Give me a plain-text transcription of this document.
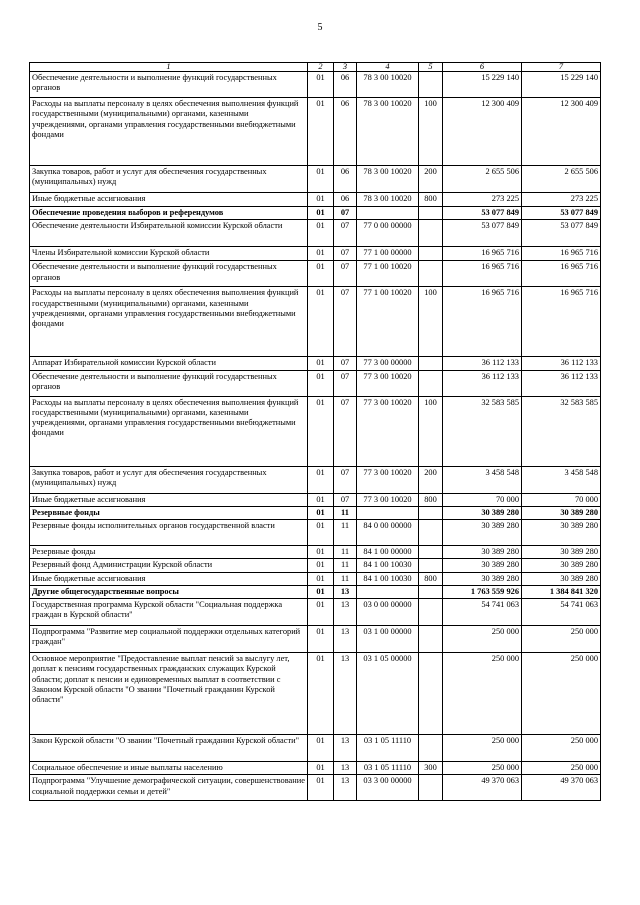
5
1	2	3	4	5	6	7
Обеспечение деятельности и выполнение функций государственных органов	01	06	78 3 00 10020		15 229 140	15 229 140
Расходы на выплаты персоналу в целях обеспечения выполнения функций государственными (муниципальными) органами, казенными учреждениями, органами управления государственными внебюджетными фондами	01	06	78 3 00 10020	100	12 300 409	12 300 409
Закупка товаров, работ и услуг для обеспечения государственных (муниципальных) нужд	01	06	78 3 00 10020	200	2 655 506	2 655 506
Иные бюджетные ассигнования	01	06	78 3 00 10020	800	273 225	273 225
Обеспечение проведения выборов и референдумов	01	07			53 077 849	53 077 849
Обеспечение деятельности Избирательной комиссии Курской области	01	07	77 0 00 00000		53 077 849	53 077 849
Члены Избирательной комиссии Курской области	01	07	77 1 00 00000		16 965 716	16 965 716
Обеспечение деятельности и выполнение функций государственных органов	01	07	77 1 00 10020		16 965 716	16 965 716
Расходы на выплаты персоналу в целях обеспечения выполнения функций государственными (муниципальными) органами, казенными учреждениями, органами управления государственными внебюджетными фондами	01	07	77 1 00 10020	100	16 965 716	16 965 716
Аппарат Избирательной комиссии Курской области	01	07	77 3 00 00000		36 112 133	36 112 133
Обеспечение деятельности и выполнение функций государственных органов	01	07	77 3 00 10020		36 112 133	36 112 133
Расходы на выплаты персоналу в целях обеспечения выполнения функций государственными (муниципальными) органами, казенными учреждениями, органами управления государственными внебюджетными фондами	01	07	77 3 00 10020	100	32 583 585	32 583 585
Закупка товаров, работ и услуг для обеспечения государственных (муниципальных) нужд	01	07	77 3 00 10020	200	3 458 548	3 458 548
Иные бюджетные ассигнования	01	07	77 3 00 10020	800	70 000	70 000
Резервные фонды	01	11			30 389 280	30 389 280
Резервные фонды исполнительных органов государственной власти	01	11	84 0 00 00000		30 389 280	30 389 280
Резервные фонды	01	11	84 1 00 00000		30 389 280	30 389 280
Резервный фонд Администрации Курской области	01	11	84 1 00 10030		30 389 280	30 389 280
Иные бюджетные ассигнования	01	11	84 1 00 10030	800	30 389 280	30 389 280
Другие общегосударственные вопросы	01	13			1 763 559 926	1 384 841 320
Государственная программа Курской области "Социальная поддержка граждан в Курской области"	01	13	03 0 00 00000		54 741 063	54 741 063
Подпрограмма "Развитие мер социальной поддержки отдельных категорий граждан"	01	13	03 1 00 00000		250 000	250 000
Основное мероприятие "Предоставление выплат пенсий за выслугу лет, доплат к пенсиям государственных гражданских служащих Курской области; доплат к пенсии и единовременных выплат в соответствии с Законом Курской области "О звании "Почетный гражданин Курской области"	01	13	03 1 05 00000		250 000	250 000
Закон Курской области "О звании "Почетный гражданин Курской области"	01	13	03 1 05 11110		250 000	250 000
Социальное обеспечение и иные выплаты населению	01	13	03 1 05 11110	300	250 000	250 000
Подпрограмма "Улучшение демографической ситуации, совершенствование социальной поддержки семьи и детей"	01	13	03 3 00 00000		49 370 063	49 370 063
